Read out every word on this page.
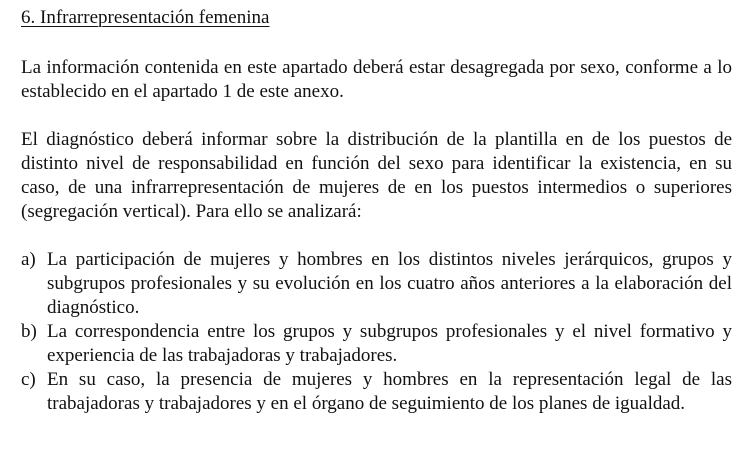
6. Infrarrepresentación femenina

La información contenida en este apartado deberá estar desagregada por sexo, conforme a lo establecido en el apartado 1 de este anexo.

El diagnóstico deberá informar sobre la distribución de la plantilla en de los puestos de distinto nivel de responsabilidad en función del sexo para identificar la existencia, en su caso, de una infrarrepresentación de mujeres de en los puestos intermedios o superiores (segregación vertical). Para ello se analizará:

a) La participación de mujeres y hombres en los distintos niveles jerárquicos, grupos y subgrupos profesionales y su evolución en los cuatro años anteriores a la elaboración del diagnóstico.
b) La correspondencia entre los grupos y subgrupos profesionales y el nivel formativo y experiencia de las trabajadoras y trabajadores.
c) En su caso, la presencia de mujeres y hombres en la representación legal de las trabajadoras y trabajadores y en el órgano de seguimiento de los planes de igualdad.
